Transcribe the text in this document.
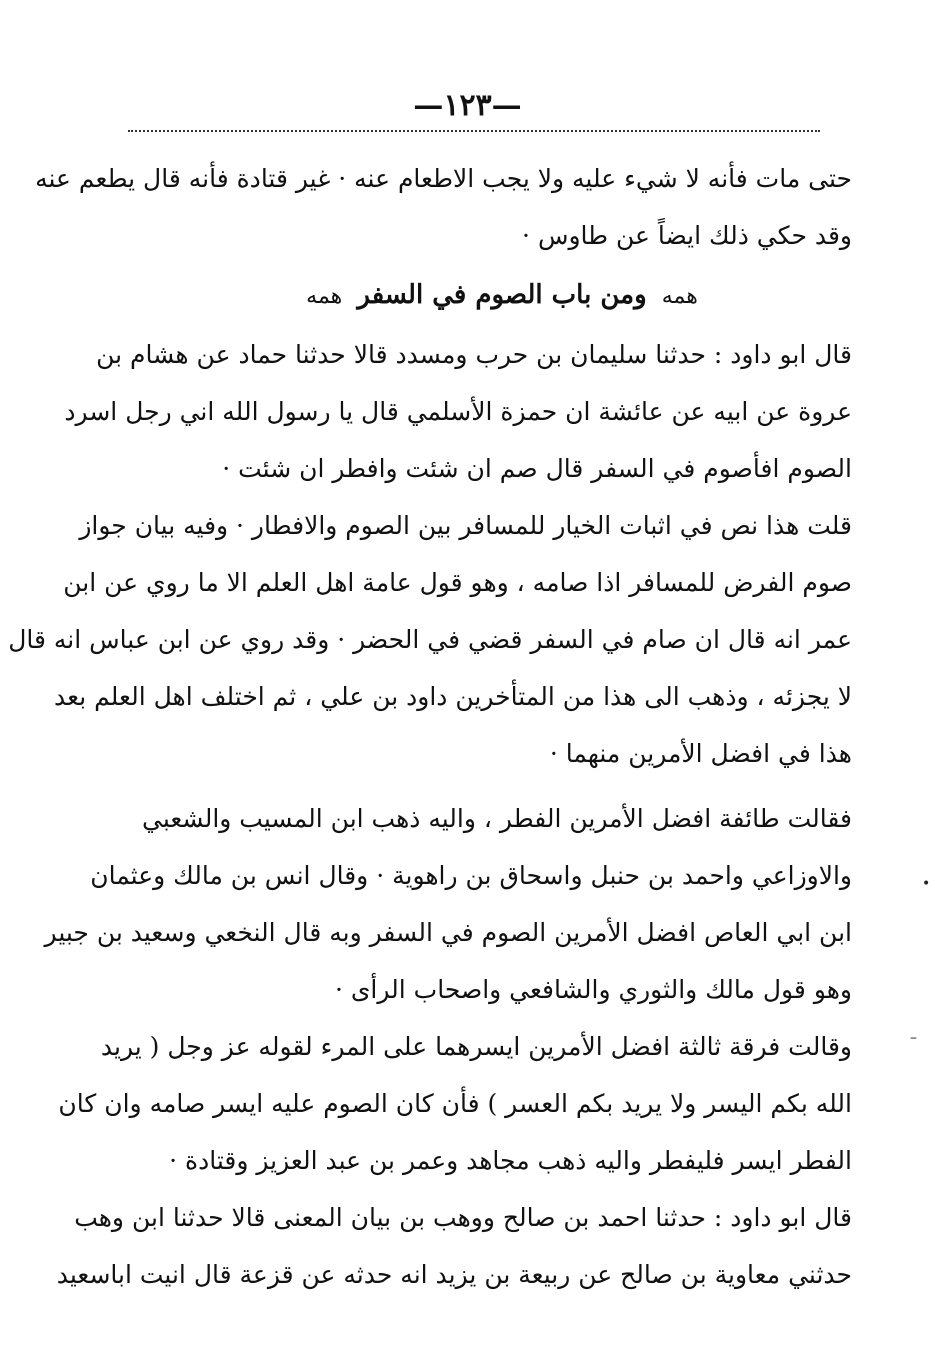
—١٢٣—
حتى مات فأنه لا شيء عليه ولا يجب الاطعام عنه · غير قتادة فأنه قال يطعم عنه
وقد حكي ذلك ايضاً عن طاوس ·
ﻫﻤﻪ ومن باب الصوم في السفر ﻫﻤﻪ
قال ابو داود : حدثنا سليمان بن حرب ومسدد قالا حدثنا حماد عن هشام بن
عروة عن ابيه عن عائشة ان حمزة الأسلمي قال يا رسول الله اني رجل اسرد
الصوم افأصوم في السفر قال صم ان شئت وافطر ان شئت ·
قلت هذا نص في اثبات الخيار للمسافر بين الصوم والافطار · وفيه بيان جواز
صوم الفرض للمسافر اذا صامه ، وهو قول عامة اهل العلم الا ما روي عن ابن
عمر انه قال ان صام في السفر قضي في الحضر · وقد روي عن ابن عباس انه قال
لا يجزئه ، وذهب الى هذا من المتأخرين داود بن علي ، ثم اختلف اهل العلم بعد
هذا في افضل الأمرين منهما ·
فقالت طائفة افضل الأمرين الفطر ، واليه ذهب ابن المسيب والشعبي
والاوزاعي واحمد بن حنبل واسحاق بن راهوية · وقال انس بن مالك وعثمان
ابن ابي العاص افضل الأمرين الصوم في السفر وبه قال النخعي وسعيد بن جبير
وهو قول مالك والثوري والشافعي واصحاب الرأى ·
وقالت فرقة ثالثة افضل الأمرين ايسرهما على المرء لقوله عز وجل ( يريد
الله بكم اليسر ولا يريد بكم العسر ) فأن كان الصوم عليه ايسر صامه وان كان
الفطر ايسر فليفطر واليه ذهب مجاهد وعمر بن عبد العزيز وقتادة ·
قال ابو داود : حدثنا احمد بن صالح ووهب بن بيان المعنى قالا حدثنا ابن وهب
حدثني معاوية بن صالح عن ربيعة بن يزيد انه حدثه عن قزعة قال انيت اباسعيد
•
–
